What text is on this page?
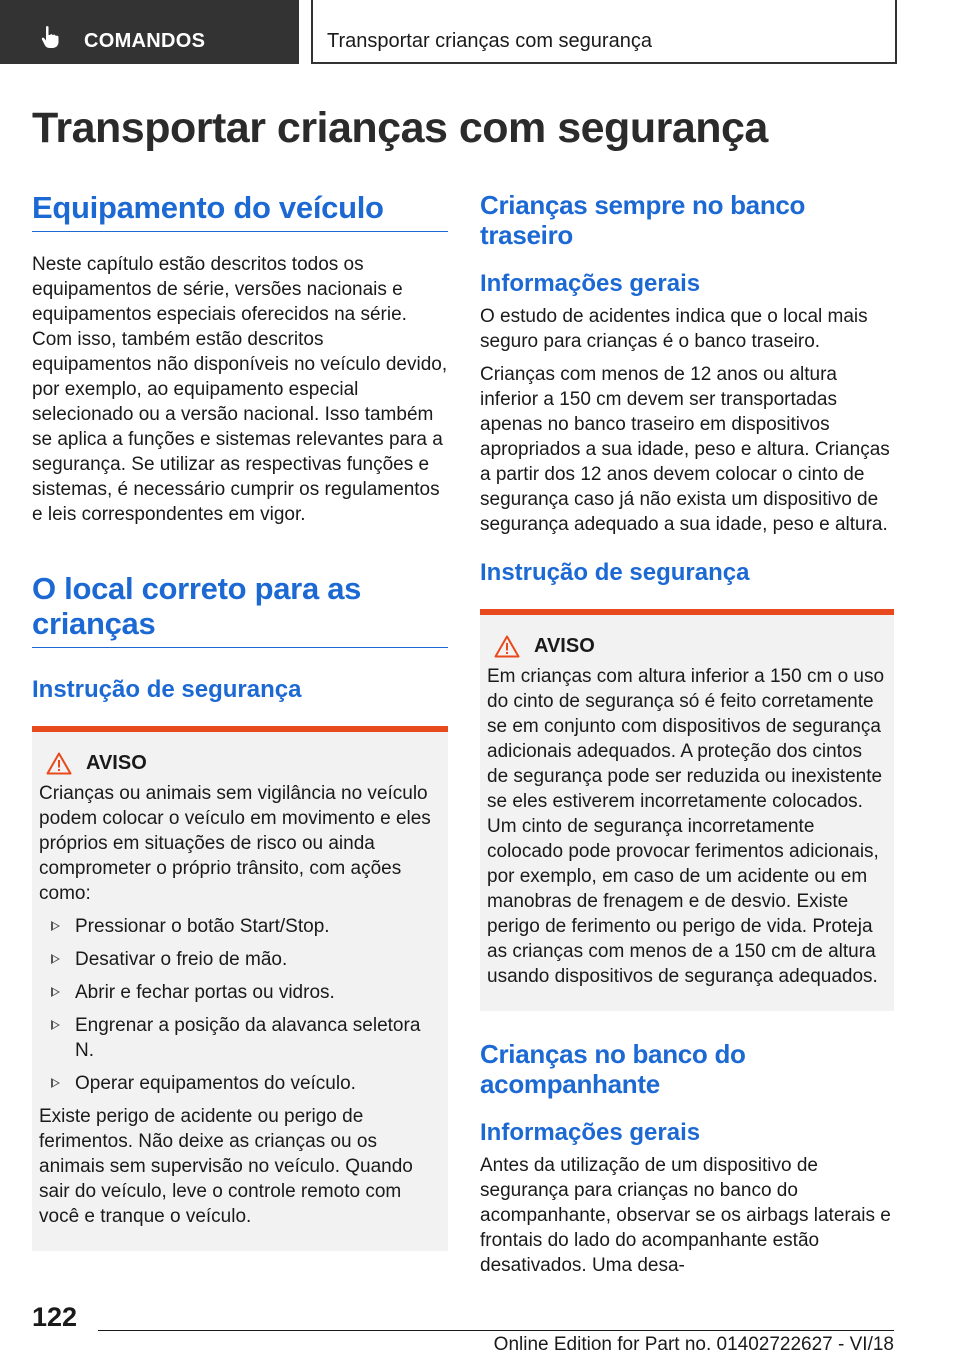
COMANDOS	Transportar crianças com segurança
Transportar crianças com segurança
Equipamento do veículo

Neste capítulo estão descritos todos os equipamentos de série, versões nacionais e equipamentos especiais oferecidos na série. Com isso, também estão descritos equipamentos não disponíveis no veículo devido, por exemplo, ao equipamento especial selecionado ou a versão nacional. Isso também se aplica a funções e sistemas relevantes para a segurança. Se utilizar as respectivas funções e sistemas, é necessário cumprir os regulamentos e leis correspondentes em vigor.

O local correto para as crianças
Instrução de segurança
AVISO

Crianças ou animais sem vigilância no veículo podem colocar o veículo em movimento e eles próprios em situações de risco ou ainda comprometer o próprio trânsito, com ações como:

Pressionar o botão Start/Stop.
Desativar o freio de mão.
Abrir e fechar portas ou vidros.
Engrenar a posição da alavanca seletora N.
Operar equipamentos do veículo.

Existe perigo de acidente ou perigo de ferimentos. Não deixe as crianças ou os animais sem supervisão no veículo. Quando sair do veículo, leve o controle remoto com você e tranque o veículo.

Crianças sempre no banco traseiro
Informações gerais

O estudo de acidentes indica que o local mais seguro para crianças é o banco traseiro.

Crianças com menos de 12 anos ou altura inferior a 150 cm devem ser transportadas apenas no banco traseiro em dispositivos apropriados a sua idade, peso e altura. Crianças a partir dos 12 anos devem colocar o cinto de segurança caso já não exista um dispositivo de segurança adequado a sua idade, peso e altura.

Instrução de segurança
AVISO

Em crianças com altura inferior a 150 cm o uso do cinto de segurança só é feito corretamente se em conjunto com dispositivos de segurança adicionais adequados. A proteção dos cintos de segurança pode ser reduzida ou inexistente se eles estiverem incorretamente colocados. Um cinto de segurança incorretamente colocado pode provocar ferimentos adicionais, por exemplo, em caso de um acidente ou em manobras de frenagem e de desvio. Existe perigo de ferimento ou perigo de vida. Proteja as crianças com menos de a 150 cm de altura usando dispositivos de segurança adequados.

Crianças no banco do acompanhante
Informações gerais

Antes da utilização de um dispositivo de segurança para crianças no banco do acompanhante, observar se os airbags laterais e frontais do lado do acompanhante estão desativados. Uma desa-

122
Online Edition for Part no. 01402722627 - VI/18
